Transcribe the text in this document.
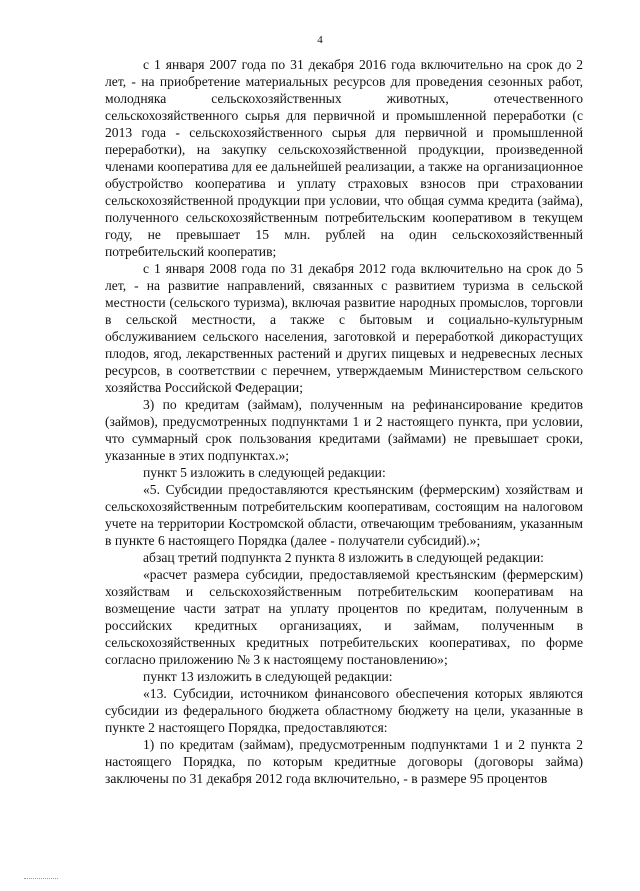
4

с 1 января 2007 года по 31 декабря 2016 года включительно на срок до 2 лет, - на приобретение материальных ресурсов для проведения сезонных работ, молодняка сельскохозяйственных животных, отечественного сельскохозяйственного сырья для первичной и промышленной переработки (с 2013 года - сельскохозяйственного сырья для первичной и промышленной переработки), на закупку сельскохозяйственной продукции, произведенной членами кооператива для ее дальнейшей реализации, а также на организационное обустройство кооператива и уплату страховых взносов при страховании сельскохозяйственной продукции при условии, что общая сумма кредита (займа), полученного сельскохозяйственным потребительским кооперативом в текущем году, не превышает 15 млн. рублей на один сельскохозяйственный потребительский кооператив;

с 1 января 2008 года по 31 декабря 2012 года включительно на срок до 5 лет, - на развитие направлений, связанных с развитием туризма в сельской местности (сельского туризма), включая развитие народных промыслов, торговли в сельской местности, а также с бытовым и социально-культурным обслуживанием сельского населения, заготовкой и переработкой дикорастущих плодов, ягод, лекарственных растений и других пищевых и недревесных лесных ресурсов, в соответствии с перечнем, утверждаемым Министерством сельского хозяйства Российской Федерации;

3) по кредитам (займам), полученным на рефинансирование кредитов (займов), предусмотренных подпунктами 1 и 2 настоящего пункта, при условии, что суммарный срок пользования кредитами (займами) не превышает сроки, указанные в этих подпунктах.»;

пункт 5 изложить в следующей редакции:

«5. Субсидии предоставляются крестьянским (фермерским) хозяйствам и сельскохозяйственным потребительским кооперативам, состоящим на налоговом учете на территории Костромской области, отвечающим требованиям, указанным в пункте 6 настоящего Порядка (далее - получатели субсидий).»;

абзац третий подпункта 2 пункта 8 изложить в следующей редакции:

«расчет размера субсидии, предоставляемой крестьянским (фермерским) хозяйствам и сельскохозяйственным потребительским кооперативам на возмещение части затрат на уплату процентов по кредитам, полученным в российских кредитных организациях, и займам, полученным в сельскохозяйственных кредитных потребительских кооперативах, по форме согласно приложению № 3 к настоящему постановлению»;

пункт 13 изложить в следующей редакции:

«13. Субсидии, источником финансового обеспечения которых являются субсидии из федерального бюджета областному бюджету на цели, указанные в пункте 2 настоящего Порядка, предоставляются:

1) по кредитам (займам), предусмотренным подпунктами 1 и 2 пункта 2 настоящего Порядка, по которым кредитные договоры (договоры займа) заключены по 31 декабря 2012 года включительно, - в размере 95 процентов
